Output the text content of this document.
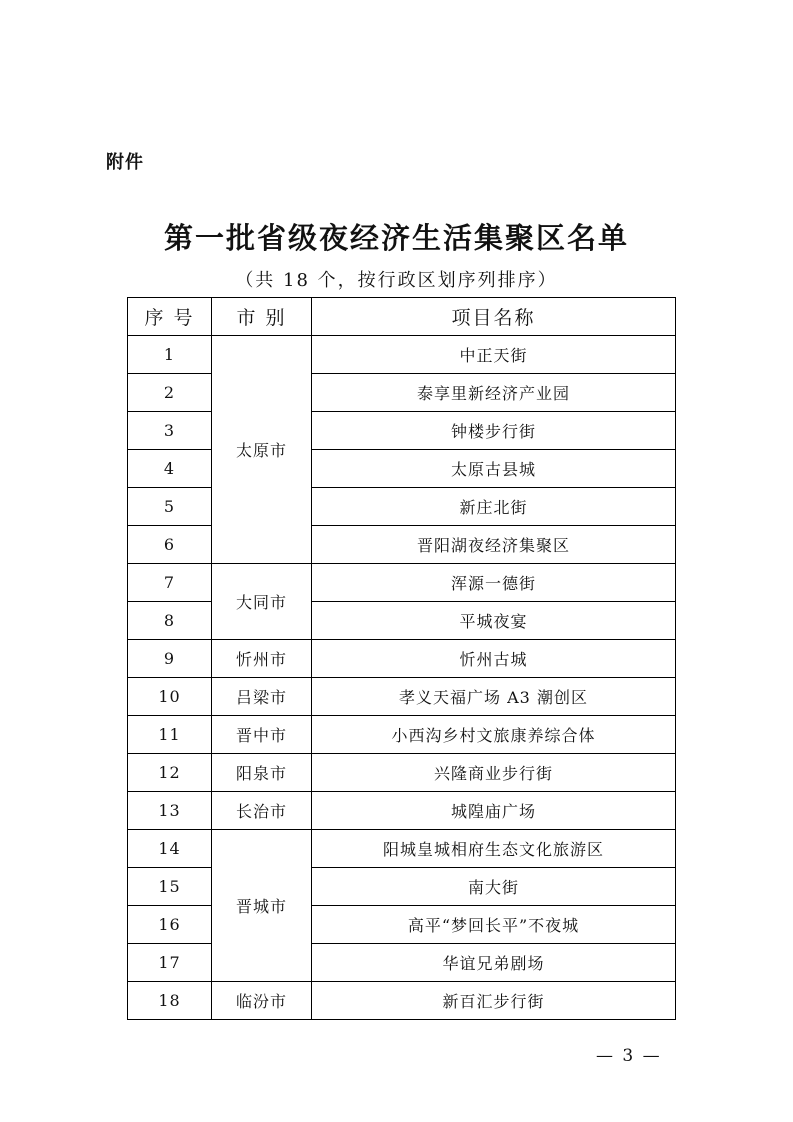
附件
第一批省级夜经济生活集聚区名单
（共 18 个，按行政区划序列排序）
序 号	市 别	项目名称
1	太原市	中正天街
2		泰享里新经济产业园
3		钟楼步行街
4		太原古县城
5		新庄北街
6		晋阳湖夜经济集聚区
7	大同市	浑源一德街
8		平城夜宴
9	忻州市	忻州古城
10	吕梁市	孝义天福广场 A3 潮创区
11	晋中市	小西沟乡村文旅康养综合体
12	阳泉市	兴隆商业步行街
13	长治市	城隍庙广场
14	晋城市	阳城皇城相府生态文化旅游区
15		南大街
16		高平“梦回长平”不夜城
17		华谊兄弟剧场
18	临汾市	新百汇步行街
— 3 —
